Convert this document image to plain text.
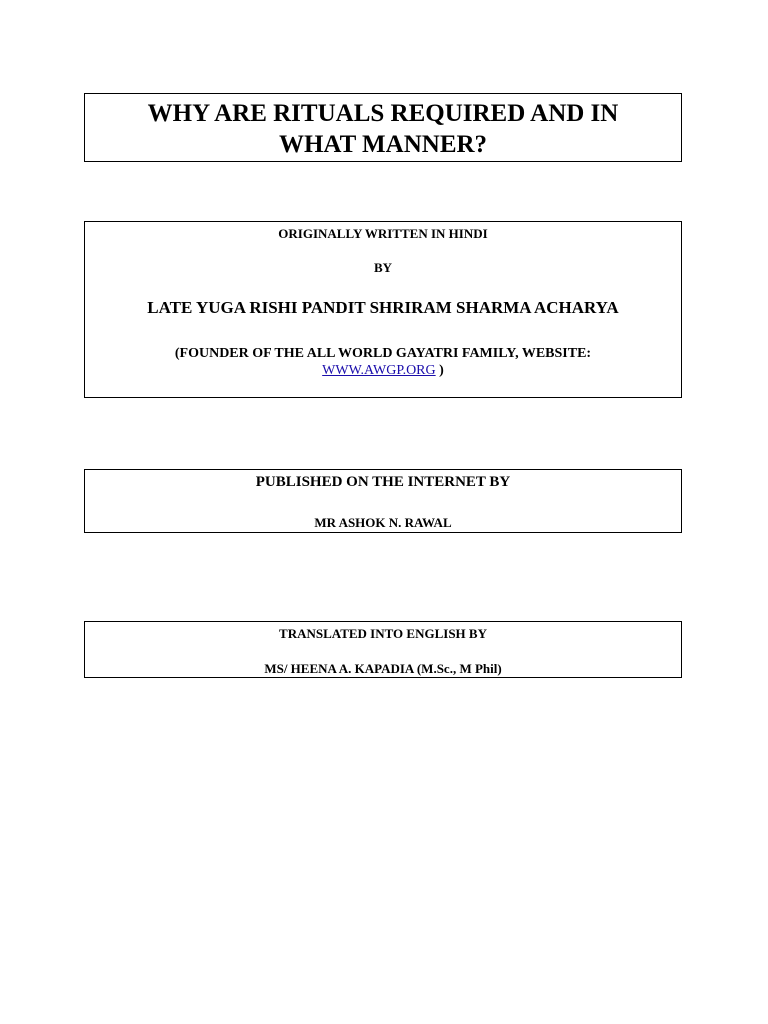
WHY ARE RITUALS REQUIRED AND IN

WHAT MANNER?

ORIGINALLY WRITTEN IN HINDI

BY

LATE YUGA RISHI PANDIT SHRIRAM SHARMA ACHARYA

(FOUNDER OF THE ALL WORLD GAYATRI FAMILY, WEBSITE:

WWW.AWGP.ORG )

PUBLISHED ON THE INTERNET BY

MR ASHOK N. RAWAL

TRANSLATED INTO ENGLISH BY

MS/ HEENA A. KAPADIA (M.Sc., M Phil)
